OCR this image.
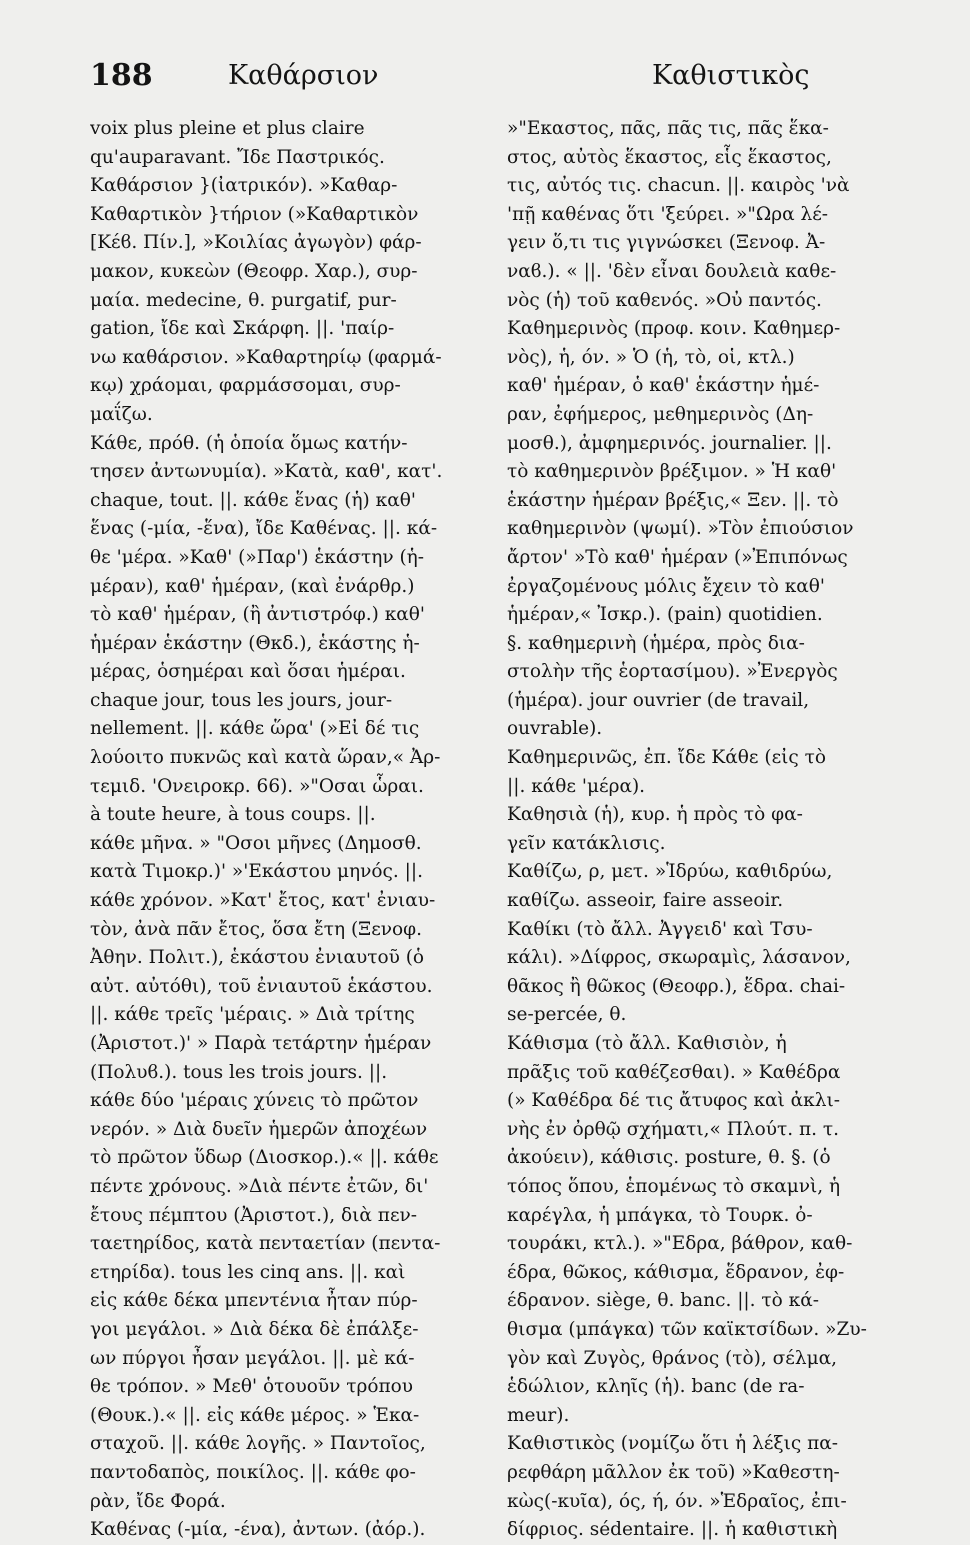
188	Καθάρσιον	Καθιστικὸς
voix plus pleine et plus claire
qu'auparavant. Ἴδε Παστρικός.
Καθάρσιον }(ἰατρικόν). »Καθαρ-
Καθαρτικὸν }τήριον (»Καθαρτικὸν
[Κέϐ. Πίν.], »Κοιλίας ἀγωγὸν) φάρ-
μακον, κυκεὼν (Θεοφρ. Χαρ.), συρ-
μαία. medecine, θ. purgatif, pur-
gation, ἴδε καὶ Σκάρφη. ||. 'παίρ-
νω καθάρσιον. »Καθαρτηρίῳ (φαρμά-
κῳ) χράομαι, φαρμάσσομαι, συρ-
μαΐζω.
Κάθε, πρόθ. (ἡ ὁποία ὅμως κατήν-
τησεν ἀντωνυμία). »Κατὰ, καθ', κατ'.
chaque, tout. ||. κάθε ἕνας (ἡ) καθ'
ἕνας (-μία, -ἕνα), ἴδε Καθένας. ||. κά-
θε 'μέρα. »Καθ' (»Παρ') ἑκάστην (ἡ-
μέραν), καθ' ἡμέραν, (καὶ ἐνάρθρ.)
τὸ καθ' ἡμέραν, (ἢ ἀντιστρόφ.) καθ'
ἡμέραν ἑκάστην (Θκδ.), ἑκάστης ἡ-
μέρας, ὁσημέραι καὶ ὅσαι ἡμέραι.
chaque jour, tous les jours, jour-
nellement. ||. κάθε ὥρα' (»Εἰ δέ τις
λούοιτο πυκνῶς καὶ κατὰ ὥραν,« Ἀρ-
τεμιδ. 'Ονειροκρ. 66). »"Οσαι ὧραι.
à toute heure, à tous coups. ||.
κάθε μῆνα. » "Οσοι μῆνες (Δημοσθ.
κατὰ Τιμοκρ.)' »'Εκάστου μηνός. ||.
κάθε χρόνον. »Κατ' ἔτος, κατ' ἐνιαυ-
τὸν, ἀνὰ πᾶν ἔτος, ὅσα ἔτη (Ξενοφ.
Ἀθην. Πολιτ.), ἑκάστου ἐνιαυτοῦ (ὁ
αὐτ. αὐτόθι), τοῦ ἐνιαυτοῦ ἑκάστου.
||. κάθε τρεῖς 'μέραις. » Διὰ τρίτης
(Ἀριστοτ.)' » Παρὰ τετάρτην ἡμέραν
(Πολυϐ.). tous les trois jours. ||.
κάθε δύο 'μέραις χύνεις τὸ πρῶτον
νερόν. » Διὰ δυεῖν ἡμερῶν ἀποχέων
τὸ πρῶτον ὕδωρ (Διοσκορ.).« ||. κάθε
πέντε χρόνους. »Διὰ πέντε ἐτῶν, δι'
ἔτους πέμπτου (Ἀριστοτ.), διὰ πεν-
ταετηρίδος, κατὰ πενταετίαν (πεντα-
ετηρίδα). tous les cinq ans. ||. καὶ
εἰς κάθε δέκα μπεντένια ἦταν πύρ-
γοι μεγάλοι. » Διὰ δέκα δὲ ἐπάλξε-
ων πύργοι ἦσαν μεγάλοι. ||. μὲ κά-
θε τρόπον. » Μεθ' ὁτουοῦν τρόπου
(Θουκ.).« ||. εἰς κάθε μέρος. » Ἑκα-
σταχοῦ. ||. κάθε λογῆς. » Παντοῖος,
παντοδαπὸς, ποικίλος. ||. κάθε φο-
ρὰν, ἴδε Φορά.
Καθένας (-μία, -ένα), ἀντων. (ἀόρ.).
»"Εκαστος, πᾶς, πᾶς τις, πᾶς ἕκα-
στος, αὐτὸς ἕκαστος, εἷς ἕκαστος,
τις, αὐτός τις. chacun. ||. καιρὸς 'νὰ
'πῇ καθένας ὅτι 'ξεύρει. »"Ωρα λέ-
γειν ὅ,τι τις γιγνώσκει (Ξενοφ. Ἀ-
ναϐ.). « ||. 'δὲν εἶναι δουλειὰ καθε-
νὸς (ἡ) τοῦ καθενός. »Οὐ παντός.
Καθημερινὸς (προφ. κοιν. Καθημερ-
νὸς), ἡ, όν. » Ὁ (ἡ, τὸ, οἱ, κτλ.)
καθ' ἡμέραν, ὁ καθ' ἑκάστην ἡμέ-
ραν, ἐφήμερος, μεθημερινὸς (Δη-
μοσθ.), ἀμφημερινός. journalier. ||.
τὸ καθημερινὸν βρέξιμον. » Ἡ καθ'
ἑκάστην ἡμέραν βρέξις,« Ξεν. ||. τὸ
καθημερινὸν (ψωμί). »Τὸν ἐπιούσιον
ἄρτον' »Τὸ καθ' ἡμέραν (»Ἐπιπόνως
ἐργαζομένους μόλις ἔχειν τὸ καθ'
ἡμέραν,« Ἰσκρ.). (pain) quotidien.
§. καθημερινὴ (ἡμέρα, πρὸς δια-
στολὴν τῆς ἑορτασίμου). »Ἐνεργὸς
(ἡμέρα). jour ouvrier (de travail,
ouvrable).
Καθημερινῶς, ἐπ. ἴδε Κάθε (εἰς τὸ
||. κάθε 'μέρα).
Καθησιὰ (ἡ), κυρ. ἡ πρὸς τὸ φα-
γεῖν κατάκλισις.
Καθίζω, ρ, μετ. »Ἱδρύω, καθιδρύω,
καθίζω. asseoir, faire asseoir.
Καθίκι (τὸ ἄλλ. Ἀγγειδ' καὶ Τσυ-
κάλι). »Δίφρος, σκωραμὶς, λάσανον,
θᾶκος ἢ θῶκος (Θεοφρ.), ἕδρα. chai-
se-percée, θ.
Κάθισμα (τὸ ἄλλ. Καθισιὸν, ἡ
πρᾶξις τοῦ καθέζεσθαι). » Καθέδρα
(» Καθέδρα δέ τις ἄτυφος καὶ ἀκλι-
νὴς ἐν ὀρθῷ σχήματι,« Πλούτ. π. τ.
ἀκούειν), κάθισις. posture, θ. §. (ὁ
τόπος ὅπου, ἑπομένως τὸ σκαμνὶ, ἡ
καρέγλα, ἡ μπάγκα, τὸ Τουρκ. ὀ-
τουράκι, κτλ.). »"Εδρα, βάθρον, καθ-
έδρα, θῶκος, κάθισμα, ἕδρανον, ἐφ-
έδρανον. siège, θ. banc. ||. τὸ κά-
θισμα (μπάγκα) τῶν καϊκτσίδων. »Ζυ-
γὸν καὶ Ζυγὸς, θράνος (τὸ), σέλμα,
ἑδώλιον, κληῖς (ἡ). banc (de ra-
meur).
Καθιστικὸς (νομίζω ὅτι ἡ λέξις πα-
ρεφθάρη μᾶλλον ἐκ τοῦ) »Καθεστη-
κὼς(-κυῖα), ός, ή, όν. »Ἑδραῖος, ἐπι-
δίφριος. sédentaire. ||. ἡ καθιστικὴ
